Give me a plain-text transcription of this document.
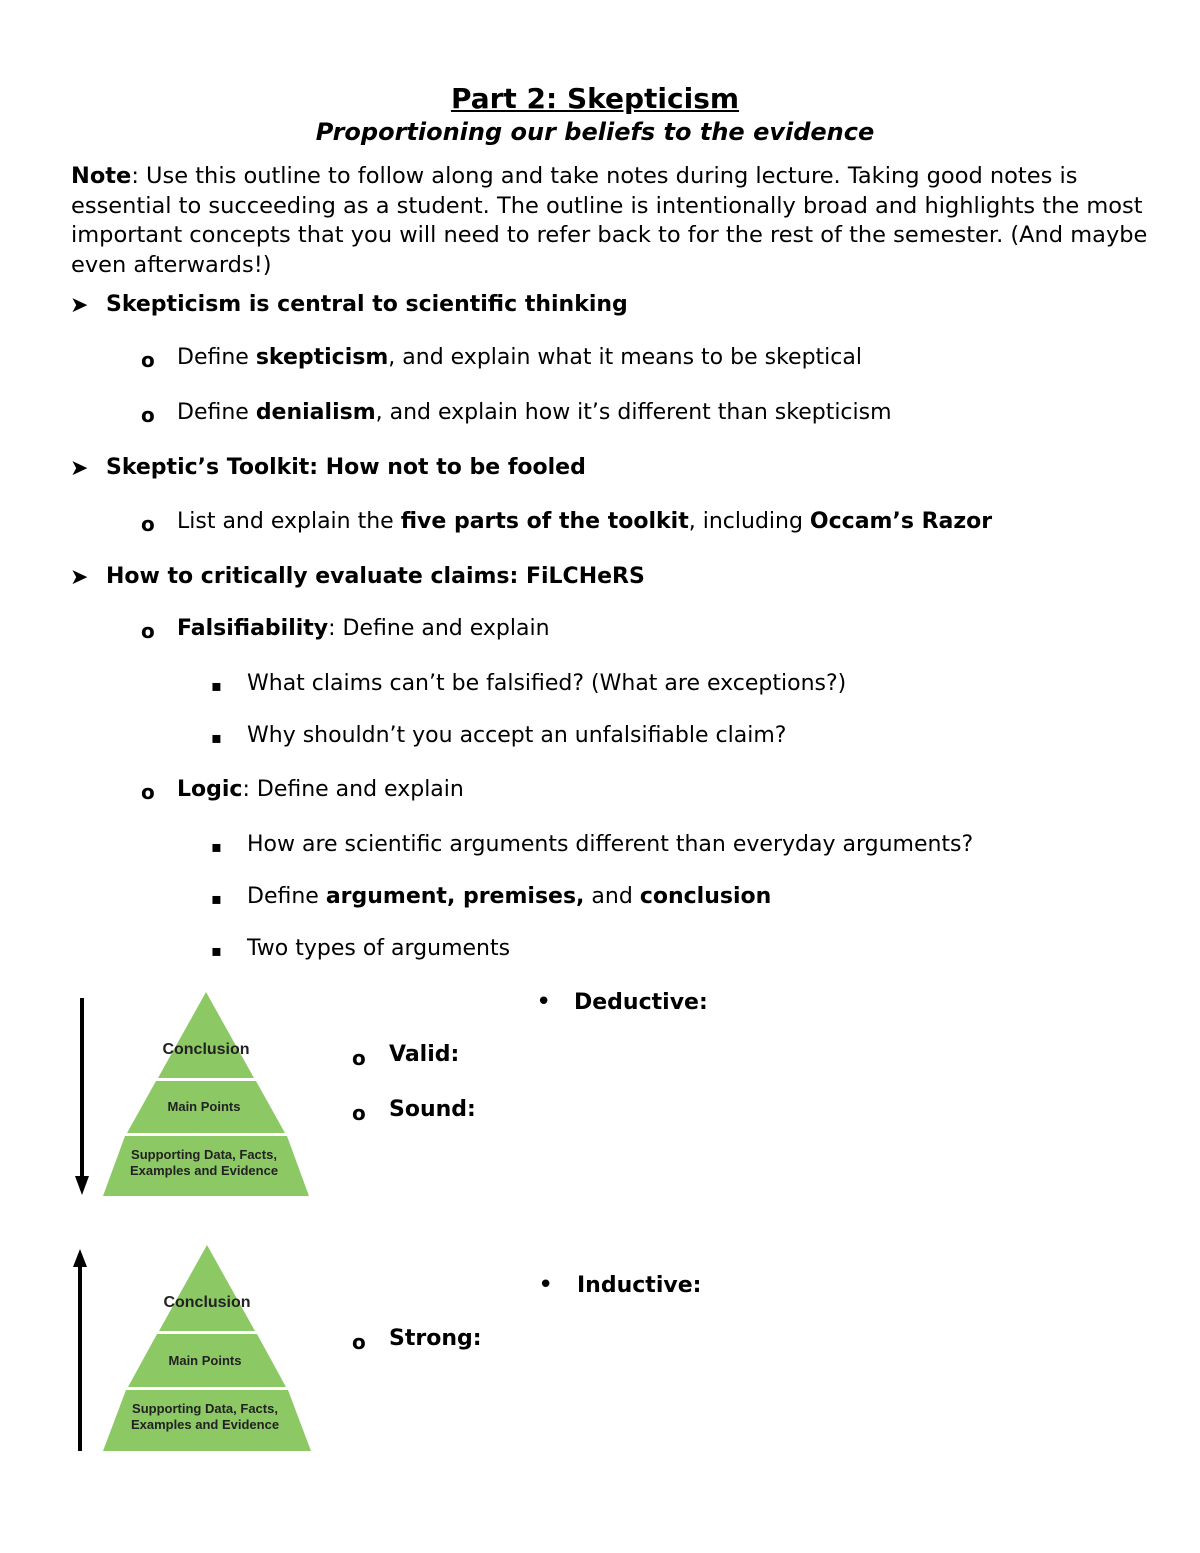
Part 2: Skepticism
Proportioning our beliefs to the evidence
Note: Use this outline to follow along and take notes during lecture. Taking good notes is essential to succeeding as a student. The outline is intentionally broad and highlights the most important concepts that you will need to refer back to for the rest of the semester. (And maybe even afterwards!)
➤ Skepticism is central to scientific thinking
o Define skepticism, and explain what it means to be skeptical
o Define denialism, and explain how it’s different than skepticism
➤ Skeptic’s Toolkit: How not to be fooled
o List and explain the five parts of the toolkit, including Occam’s Razor
➤ How to critically evaluate claims: FiLCHeRS
o Falsifiability: Define and explain
▪ What claims can’t be falsified? (What are exceptions?)
▪ Why shouldn’t you accept an unfalsifiable claim?
o Logic: Define and explain
▪ How are scientific arguments different than everyday arguments?
▪ Define argument, premises, and conclusion
▪ Two types of arguments
Conclusion
Main Points
Supporting Data, Facts,
Examples and Evidence
• Deductive:
o Valid:
o Sound:
Conclusion
Main Points
Supporting Data, Facts,
Examples and Evidence
• Inductive:
o Strong:
